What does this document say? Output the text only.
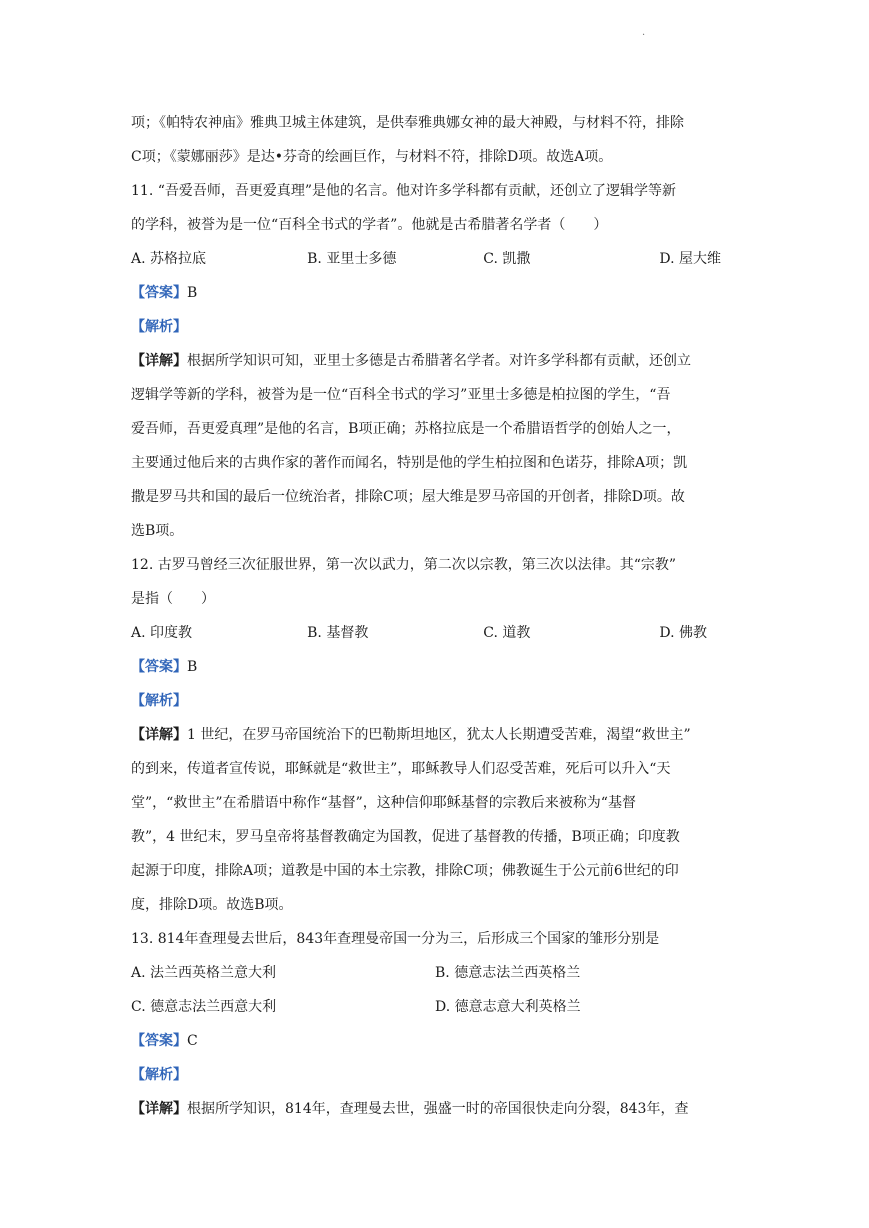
·
项；《帕特农神庙》雅典卫城主体建筑，是供奉雅典娜女神的最大神殿，与材料不符，排除
C项；《蒙娜丽莎》是达•芬奇的绘画巨作，与材料不符，排除D项。故选A项。
11. “吾爱吾师，吾更爱真理”是他的名言。他对许多学科都有贡献，还创立了逻辑学等新
的学科，被誉为是一位“百科全书式的学者”。他就是古希腊著名学者（　　）
A. 苏格拉底	B. 亚里士多德	C. 凯撒	D. 屋大维
【答案】B
【解析】
【详解】根据所学知识可知，亚里士多德是古希腊著名学者。对许多学科都有贡献，还创立
逻辑学等新的学科，被誉为是一位“百科全书式的学习”亚里士多德是柏拉图的学生，“吾
爱吾师，吾更爱真理”是他的名言，B项正确；苏格拉底是一个希腊语哲学的创始人之一，
主要通过他后来的古典作家的著作而闻名，特别是他的学生柏拉图和色诺芬，排除A项；凯
撒是罗马共和国的最后一位统治者，排除C项；屋大维是罗马帝国的开创者，排除D项。故
选B项。
12. 古罗马曾经三次征服世界，第一次以武力，第二次以宗教，第三次以法律。其“宗教”
是指（　　）
A. 印度教	B. 基督教	C. 道教	D. 佛教
【答案】B
【解析】
【详解】1 世纪，在罗马帝国统治下的巴勒斯坦地区，犹太人长期遭受苦难，渴望“救世主”
的到来，传道者宣传说，耶稣就是“救世主”，耶稣教导人们忍受苦难，死后可以升入“天
堂”，“救世主”在希腊语中称作“基督”，这种信仰耶稣基督的宗教后来被称为“基督
教”，4 世纪末，罗马皇帝将基督教确定为国教，促进了基督教的传播，B项正确；印度教
起源于印度，排除A项；道教是中国的本土宗教，排除C项；佛教诞生于公元前6世纪的印
度，排除D项。故选B项。
13. 814年查理曼去世后，843年查理曼帝国一分为三，后形成三个国家的雏形分别是
A. 法兰西英格兰意大利	B. 德意志法兰西英格兰
C. 德意志法兰西意大利	D. 德意志意大利英格兰
【答案】C
【解析】
【详解】根据所学知识，814年，查理曼去世，强盛一时的帝国很快走向分裂，843年，查
